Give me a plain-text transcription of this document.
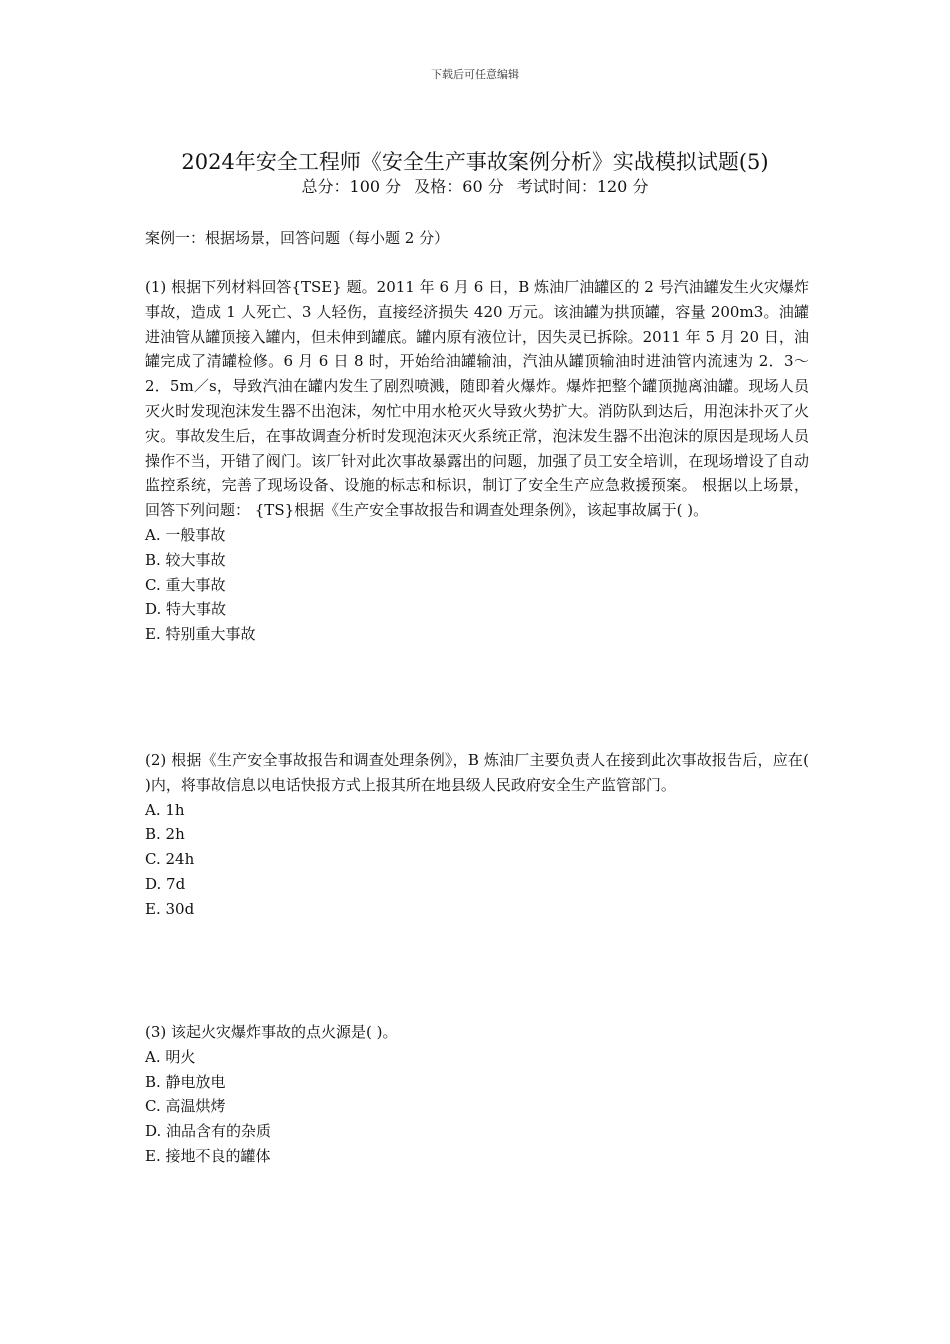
下载后可任意编辑
2024年安全工程师《安全生产事故案例分析》实战模拟试题(5)

总分：100 分 及格：60 分 考试时间：120 分

案例一：根据场景，回答问题（每小题 2 分）

(1) 根据下列材料回答{TSE} 题。2011 年 6 月 6 日，B 炼油厂油罐区的 2 号汽油罐发生火灾爆炸事故，造成 1 人死亡、3 人轻伤，直接经济损失 420 万元。该油罐为拱顶罐，容量 200m3。油罐进油管从罐顶接入罐内，但未伸到罐底。罐内原有液位计，因失灵已拆除。2011 年 5 月 20 日，油罐完成了清罐检修。6 月 6 日 8 时，开始给油罐输油，汽油从罐顶输油时进油管内流速为 2．3～2．5m／s，导致汽油在罐内发生了剧烈喷溅，随即着火爆炸。爆炸把整个罐顶抛离油罐。现场人员灭火时发现泡沫发生器不出泡沫，匆忙中用水枪灭火导致火势扩大。消防队到达后，用泡沫扑灭了火灾。事故发生后，在事故调查分析时发现泡沫灭火系统正常，泡沫发生器不出泡沫的原因是现场人员操作不当，开错了阀门。该厂针对此次事故暴露出的问题，加强了员工安全培训，在现场增设了自动监控系统，完善了现场设备、设施的标志和标识，制订了安全生产应急救援预案。 根据以上场景，回答下列问题： {TS}根据《生产安全事故报告和调查处理条例》，该起事故属于( )。

A. 一般事故
B. 较大事故
C. 重大事故
D. 特大事故
E. 特别重大事故

(2) 根据《生产安全事故报告和调查处理条例》，B 炼油厂主要负责人在接到此次事故报告后，应在( )内，将事故信息以电话快报方式上报其所在地县级人民政府安全生产监管部门。

A. 1h
B. 2h
C. 24h
D. 7d
E. 30d

(3) 该起火灾爆炸事故的点火源是( )。

A. 明火
B. 静电放电
C. 高温烘烤
D. 油品含有的杂质
E. 接地不良的罐体
